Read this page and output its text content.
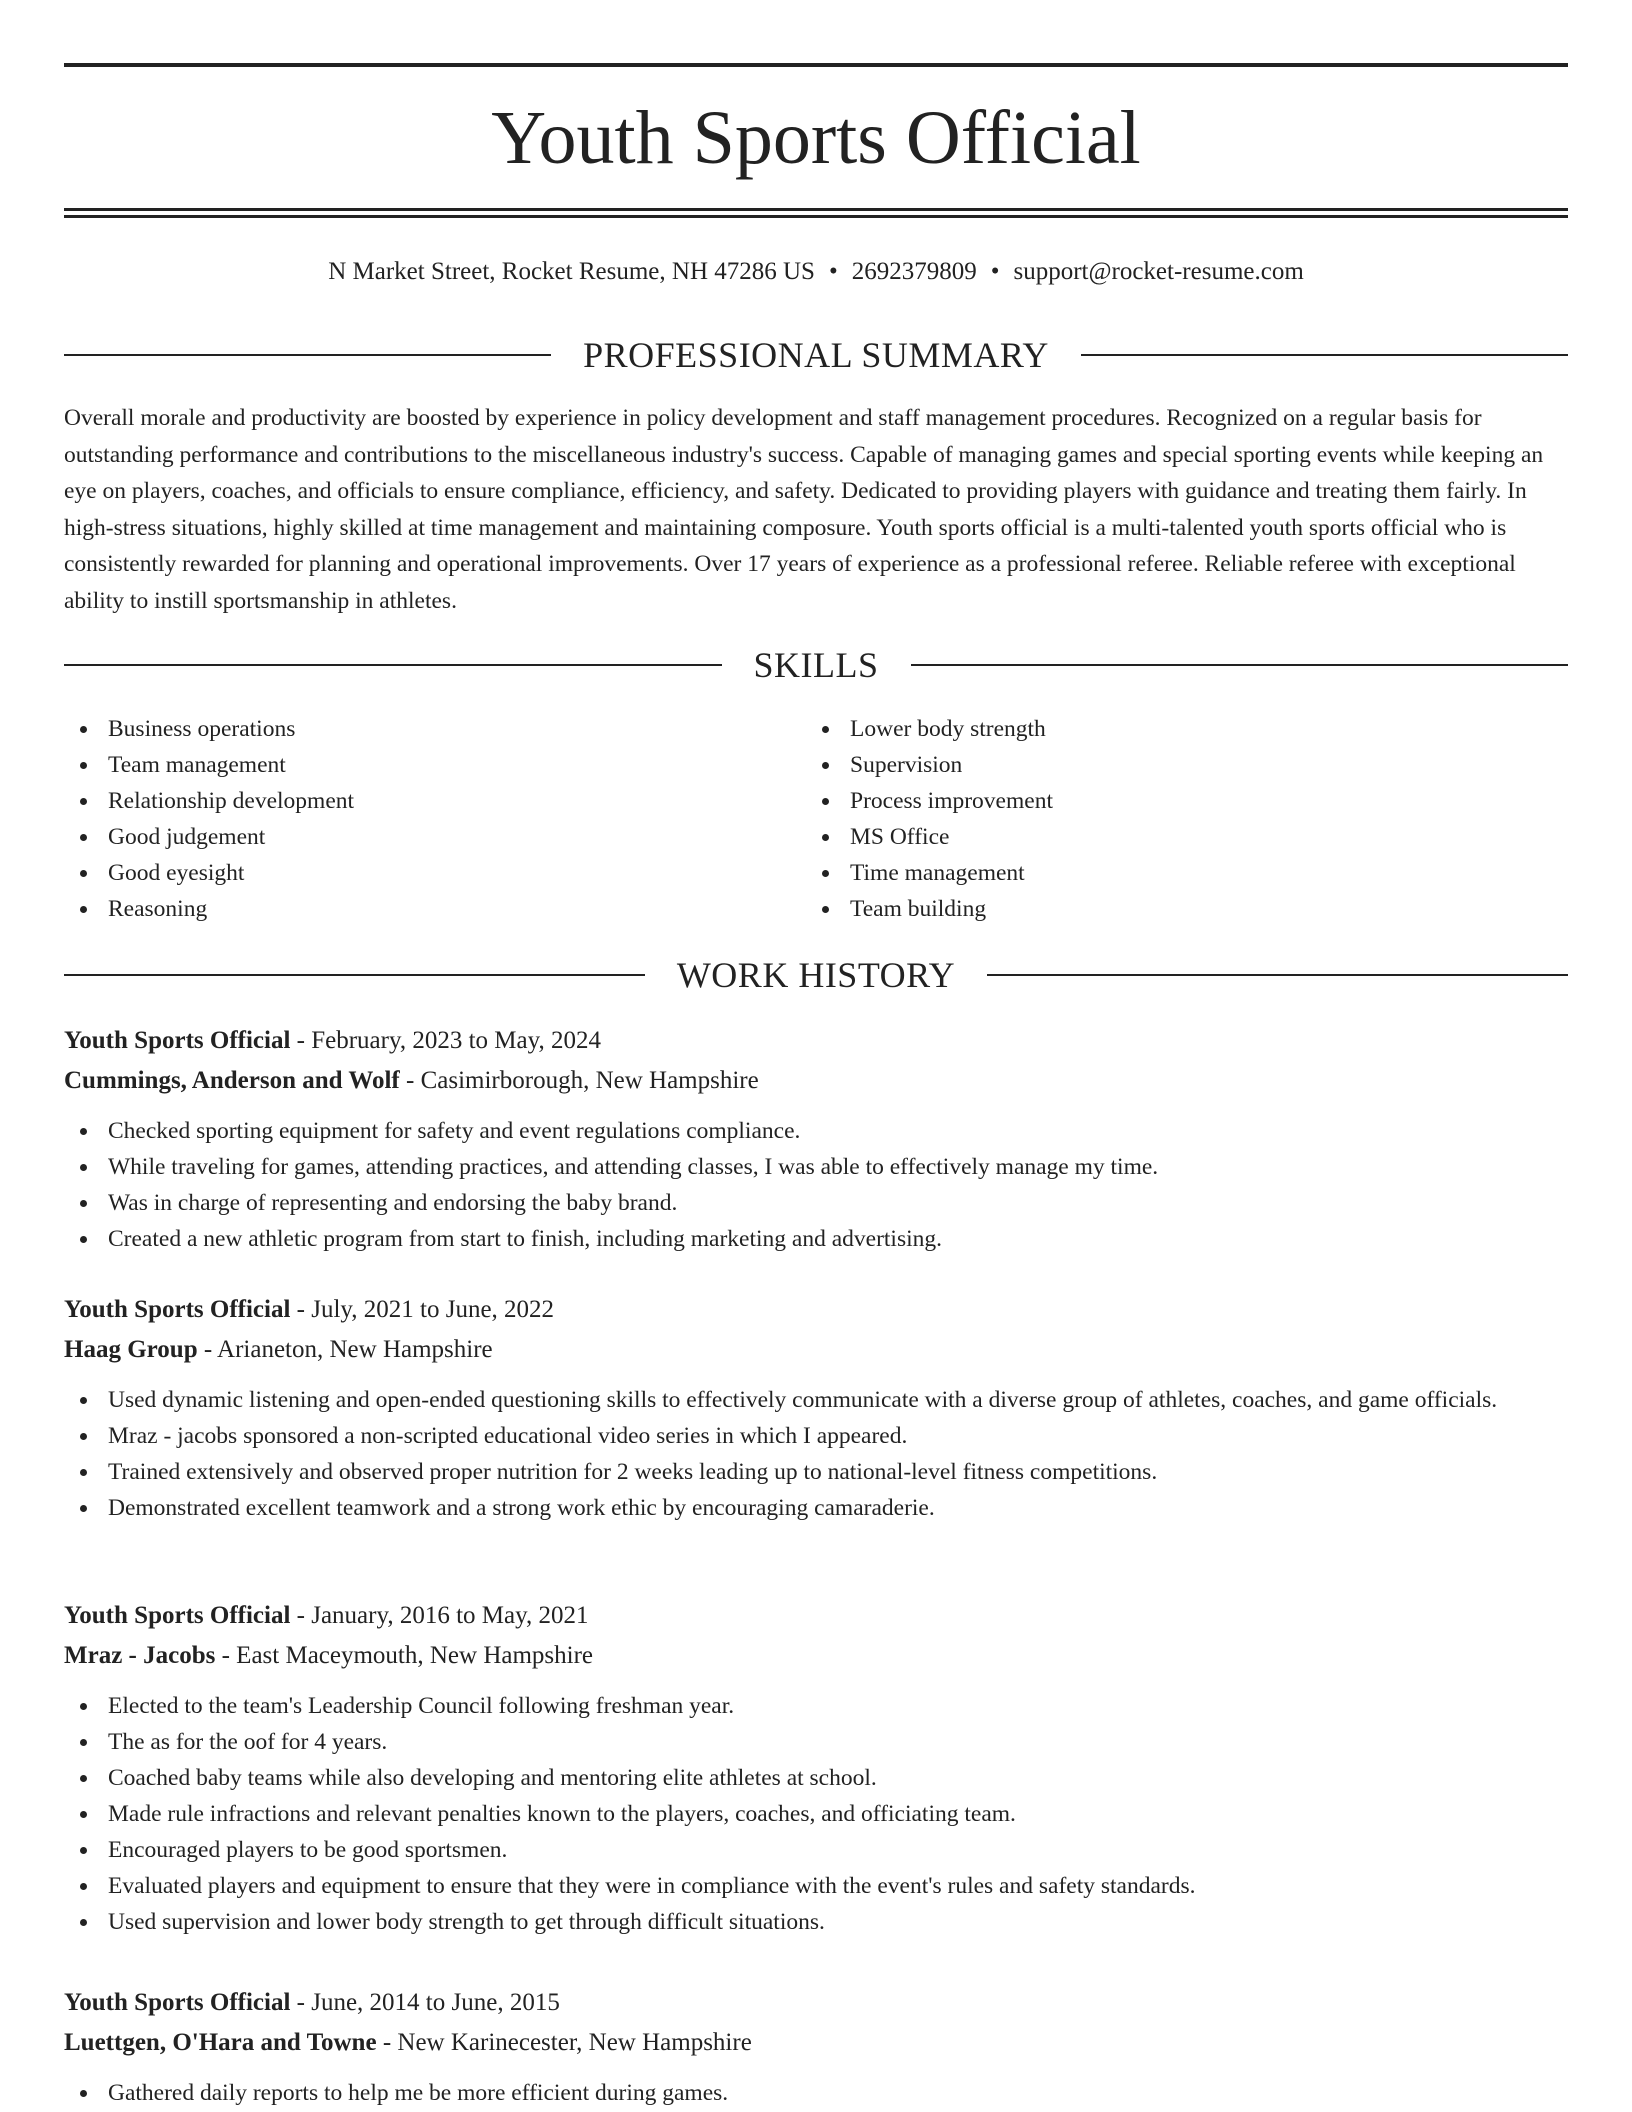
Youth Sports Official
N Market Street, Rocket Resume, NH 47286 US • 2692379809 • support@rocket-resume.com
PROFESSIONAL SUMMARY

Overall morale and productivity are boosted by experience in policy development and staff management procedures. Recognized on a regular basis for outstanding performance and contributions to the miscellaneous industry's success. Capable of managing games and special sporting events while keeping an eye on players, coaches, and officials to ensure compliance, efficiency, and safety. Dedicated to providing players with guidance and treating them fairly. In high-stress situations, highly skilled at time management and maintaining composure. Youth sports official is a multi-talented youth sports official who is consistently rewarded for planning and operational improvements. Over 17 years of experience as a professional referee. Reliable referee with exceptional ability to instill sportsmanship in athletes.

SKILLS
Business operations
Team management
Relationship development
Good judgement
Good eyesight
Reasoning
Lower body strength
Supervision
Process improvement
MS Office
Time management
Team building
WORK HISTORY
Youth Sports Official - February, 2023 to May, 2024
Cummings, Anderson and Wolf - Casimirborough, New Hampshire
Checked sporting equipment for safety and event regulations compliance.
While traveling for games, attending practices, and attending classes, I was able to effectively manage my time.
Was in charge of representing and endorsing the baby brand.
Created a new athletic program from start to finish, including marketing and advertising.
Youth Sports Official - July, 2021 to June, 2022
Haag Group - Arianeton, New Hampshire
Used dynamic listening and open-ended questioning skills to effectively communicate with a diverse group of athletes, coaches, and game officials.
Mraz - jacobs sponsored a non-scripted educational video series in which I appeared.
Trained extensively and observed proper nutrition for 2 weeks leading up to national-level fitness competitions.
Demonstrated excellent teamwork and a strong work ethic by encouraging camaraderie.
Youth Sports Official - January, 2016 to May, 2021
Mraz - Jacobs - East Maceymouth, New Hampshire
Elected to the team's Leadership Council following freshman year.
The as for the oof for 4 years.
Coached baby teams while also developing and mentoring elite athletes at school.
Made rule infractions and relevant penalties known to the players, coaches, and officiating team.
Encouraged players to be good sportsmen.
Evaluated players and equipment to ensure that they were in compliance with the event's rules and safety standards.
Used supervision and lower body strength to get through difficult situations.
Youth Sports Official - June, 2014 to June, 2015
Luettgen, O'Hara and Towne - New Karinecester, New Hampshire
Gathered daily reports to help me be more efficient during games.
